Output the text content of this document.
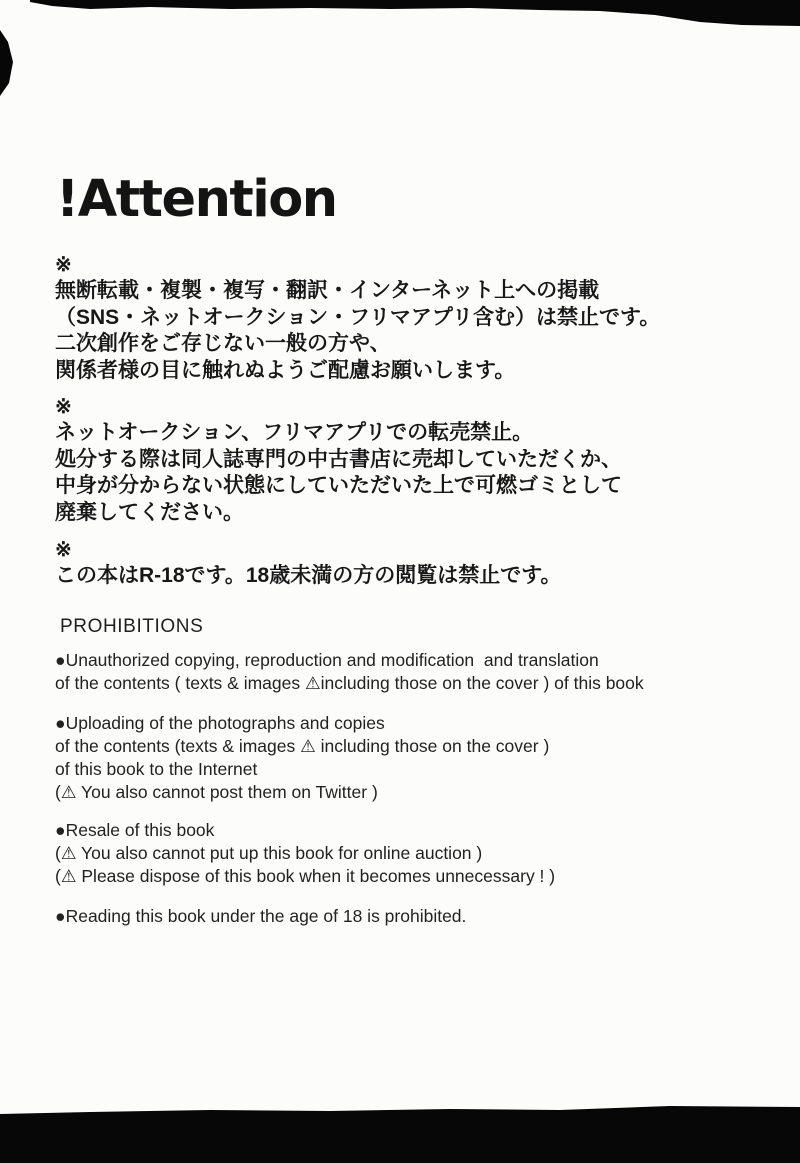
!Attention
※
無断転載・複製・複写・翻訳・インターネット上への掲載
（SNS・ネットオークション・フリマアプリ含む）は禁止です。
二次創作をご存じない一般の方や、
関係者様の目に触れぬようご配慮お願いします。
※
ネットオークション、フリマアプリでの転売禁止。
処分する際は同人誌専門の中古書店に売却していただくか、
中身が分からない状態にしていただいた上で可燃ゴミとして
廃棄してください。
※
この本はR-18です。18歳未満の方の閲覧は禁止です。
PROHIBITIONS
●Unauthorized copying, reproduction and modification  and translation
of the contents ( texts & images ⚠including those on the cover ) of this book
●Uploading of the photographs and copies
of the contents (texts & images ⚠ including those on the cover )
of this book to the Internet
(⚠ You also cannot post them on Twitter )
●Resale of this book
(⚠ You also cannot put up this book for online auction )
(⚠ Please dispose of this book when it becomes unnecessary ! )
●Reading this book under the age of 18 is prohibited.
